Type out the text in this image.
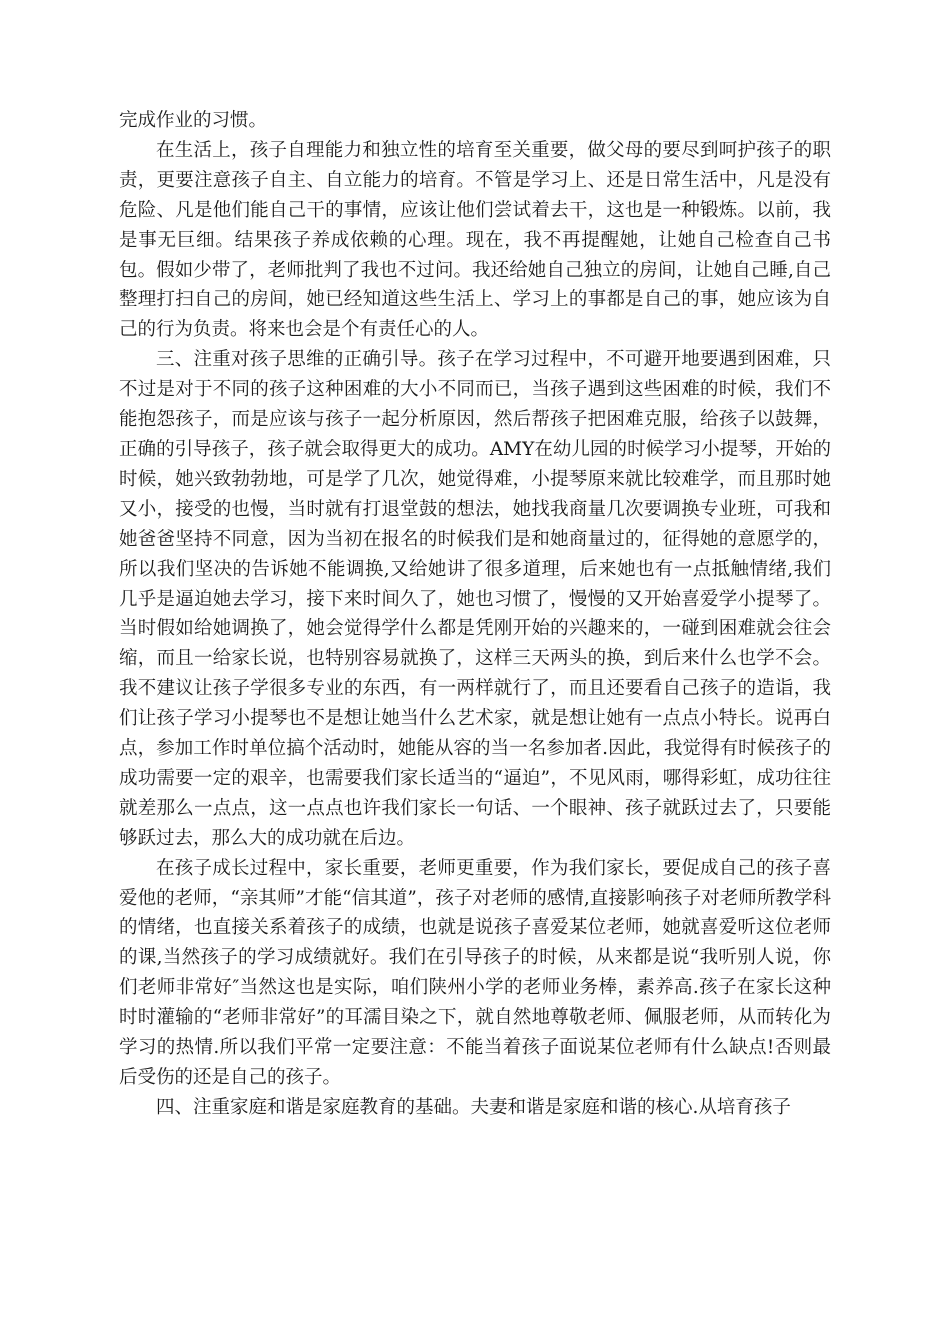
完成作业的习惯。

在生活上，孩子自理能力和独立性的培育至关重要，做父母的要尽到呵护孩子的职责，更要注意孩子自主、自立能力的培育。不管是学习上、还是日常生活中，凡是没有危险、凡是他们能自己干的事情，应该让他们尝试着去干，这也是一种锻炼。以前，我是事无巨细。结果孩子养成依赖的心理。现在，我不再提醒她，让她自己检查自己书包。假如少带了，老师批判了我也不过问。我还给她自己独立的房间，让她自己睡,自己整理打扫自己的房间，她已经知道这些生活上、学习上的事都是自己的事，她应该为自己的行为负责。将来也会是个有责任心的人。

三、注重对孩子思维的正确引导。孩子在学习过程中，不可避开地要遇到困难，只不过是对于不同的孩子这种困难的大小不同而已，当孩子遇到这些困难的时候，我们不能抱怨孩子，而是应该与孩子一起分析原因，然后帮孩子把困难克服，给孩子以鼓舞，正确的引导孩子，孩子就会取得更大的成功。AMY在幼儿园的时候学习小提琴，开始的时候，她兴致勃勃地，可是学了几次，她觉得难，小提琴原来就比较难学，而且那时她又小，接受的也慢，当时就有打退堂鼓的想法，她找我商量几次要调换专业班，可我和她爸爸坚持不同意，因为当初在报名的时候我们是和她商量过的，征得她的意愿学的，所以我们坚决的告诉她不能调换,又给她讲了很多道理，后来她也有一点抵触情绪,我们几乎是逼迫她去学习，接下来时间久了，她也习惯了，慢慢的又开始喜爱学小提琴了。当时假如给她调换了，她会觉得学什么都是凭刚开始的兴趣来的，一碰到困难就会往会缩，而且一给家长说，也特别容易就换了，这样三天两头的换，到后来什么也学不会。我不建议让孩子学很多专业的东西，有一两样就行了，而且还要看自己孩子的造诣，我们让孩子学习小提琴也不是想让她当什么艺术家，就是想让她有一点点小特长。说再白点，参加工作时单位搞个活动时，她能从容的当一名参加者.因此，我觉得有时候孩子的成功需要一定的艰辛，也需要我们家长适当的“逼迫”，不见风雨，哪得彩虹，成功往往就差那么一点点，这一点点也许我们家长一句话、一个眼神、孩子就跃过去了，只要能够跃过去，那么大的成功就在后边。

在孩子成长过程中，家长重要，老师更重要，作为我们家长，要促成自己的孩子喜爱他的老师，“亲其师”才能“信其道”，孩子对老师的感情,直接影响孩子对老师所教学科的情绪，也直接关系着孩子的成绩，也就是说孩子喜爱某位老师，她就喜爱听这位老师的课,当然孩子的学习成绩就好。我们在引导孩子的时候，从来都是说“我听别人说，你们老师非常好″当然这也是实际，咱们陕州小学的老师业务棒，素养高.孩子在家长这种时时灌输的“老师非常好”的耳濡目染之下，就自然地尊敬老师、佩服老师，从而转化为学习的热情.所以我们平常一定要注意：不能当着孩子面说某位老师有什么缺点!否则最后受伤的还是自己的孩子。

四、注重家庭和谐是家庭教育的基础。夫妻和谐是家庭和谐的核心.从培育孩子
